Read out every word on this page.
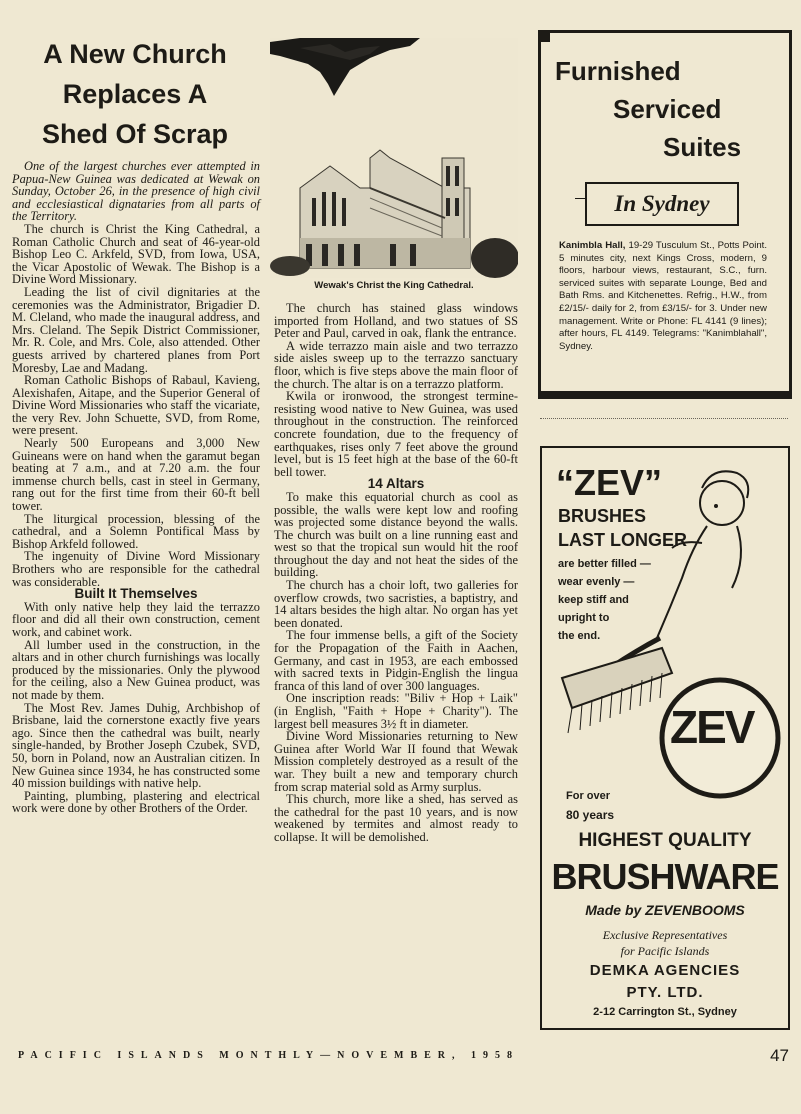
A New Church
Replaces A
Shed Of Scrap

One of the largest churches ever attempted in Papua-New Guinea was dedicated at Wewak on Sunday, October 26, in the presence of high civil and ecclesiastical dignataries from all parts of the Territory.

The church is Christ the King Cathedral, a Roman Catholic Church and seat of 46-year-old Bishop Leo C. Arkfeld, SVD, from Iowa, USA, the Vicar Apostolic of Wewak. The Bishop is a Divine Word Missionary.

Leading the list of civil dignitaries at the ceremonies was the Administrator, Brigadier D. M. Cleland, who made the inaugural address, and Mrs. Cleland. The Sepik District Commissioner, Mr. R. Cole, and Mrs. Cole, also attended. Other guests arrived by chartered planes from Port Moresby, Lae and Madang.

Roman Catholic Bishops of Rabaul, Kavieng, Alexishafen, Aitape, and the Superior General of Divine Word Missionaries who staff the vicariate, the very Rev. John Schuette, SVD, from Rome, were present.

Nearly 500 Europeans and 3,000 New Guineans were on hand when the garamut began beating at 7 a.m., and at 7.20 a.m. the four immense church bells, cast in steel in Germany, rang out for the first time from their 60-ft bell tower.

The liturgical procession, blessing of the cathedral, and a Solemn Pontifical Mass by Bishop Arkfeld followed.

The ingenuity of Divine Word Missionary Brothers who are responsible for the cathedral was considerable.

Built It Themselves

With only native help they laid the terrazzo floor and did all their own construction, cement work, and cabinet work.

All lumber used in the construction, in the altars and in other church furnishings was locally produced by the missionaries. Only the plywood for the ceiling, also a New Guinea product, was not made by them.

The Most Rev. James Duhig, Archbishop of Brisbane, laid the cornerstone exactly five years ago. Since then the cathedral was built, nearly single-handed, by Brother Joseph Czubek, SVD, 50, born in Poland, now an Australian citizen. In New Guinea since 1934, he has constructed some 40 mission buildings with native help.

Painting, plumbing, plastering and electrical work were done by other Brothers of the Order.

Wewak's Christ the King Cathedral.

The church has stained glass windows imported from Holland, and two statues of SS Peter and Paul, carved in oak, flank the entrance.

A wide terrazzo main aisle and two terrazzo side aisles sweep up to the terrazzo sanctuary floor, which is five steps above the main floor of the church. The altar is on a terrazzo platform.

Kwila or ironwood, the strongest termine-resisting wood native to New Guinea, was used throughout in the construction. The reinforced concrete foundation, due to the frequency of earthquakes, rises only 7 feet above the ground level, but is 15 feet high at the base of the 60-ft bell tower.

14 Altars

To make this equatorial church as cool as possible, the walls were kept low and roofing was projected some distance beyond the walls. The church was built on a line running east and west so that the tropical sun would hit the roof throughout the day and not heat the sides of the building.

The church has a choir loft, two galleries for overflow crowds, two sacristies, a baptistry, and 14 altars besides the high altar. No organ has yet been donated.

The four immense bells, a gift of the Society for the Propagation of the Faith in Aachen, Germany, and cast in 1953, are each embossed with sacred texts in Pidgin-English the lingua franca of this land of over 300 languages.

One inscription reads: "Biliv + Hop + Laik" (in English, "Faith + Hope + Charity"). The largest bell measures 3½ ft in diameter.

Divine Word Missionaries returning to New Guinea after World War II found that Wewak Mission completely destroyed as a result of the war. They built a new and temporary church from scrap material sold as Army surplus.

This church, more like a shed, has served as the cathedral for the past 10 years, and is now weakened by termites and almost ready to collapse. It will be demolished.

Furnished
Serviced
Suites
In Sydney
Kanimbla Hall, 19-29 Tusculum St., Potts Point. 5 minutes city, next Kings Cross, modern, 9 floors, harbour views, restaurant, S.C., furn. serviced suites with separate Lounge, Bed and Bath Rms. and Kitchenettes. Refrig., H.W., from £2/15/- daily for 2, from £3/15/- for 3. Under new management. Write or Phone: FL 4141 (9 lines); after hours, FL 4149. Telegrams: "Kanimblahall", Sydney.
“ZEV”
BRUSHES
LAST LONGER
are better filled —
wear evenly —
keep stiff and
upright to
the end.
ZEV
For over
80 years
HIGHEST QUALITY
BRUSHWARE
Made by ZEVENBOOMS
Exclusive Representatives
for Pacific Islands
DEMKA AGENCIES
PTY. LTD.
2-12 Carrington St., Sydney
PACIFIC ISLANDS MONTHLY—NOVEMBER, 1958	47
